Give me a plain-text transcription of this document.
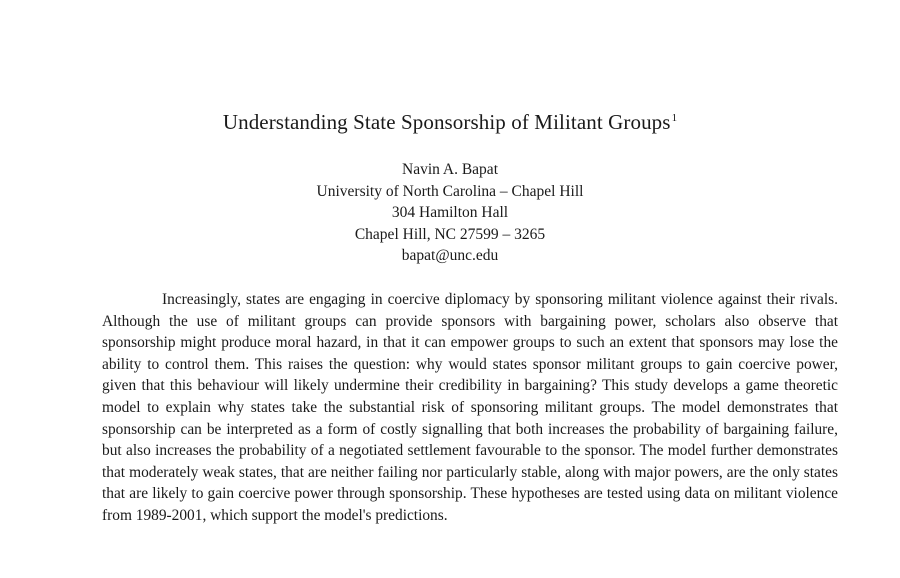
Understanding State Sponsorship of Militant Groups$^1$
Navin A. Bapat
University of North Carolina – Chapel Hill
304 Hamilton Hall
Chapel Hill, NC 27599 – 3265
bapat@unc.edu

Increasingly, states are engaging in coercive diplomacy by sponsoring militant violence against their rivals. Although the use of militant groups can provide sponsors with bargaining power, scholars also observe that sponsorship might produce moral hazard, in that it can empower groups to such an extent that sponsors may lose the ability to control them. This raises the question: why would states sponsor militant groups to gain coercive power, given that this behaviour will likely undermine their credibility in bargaining? This study develops a game theoretic model to explain why states take the substantial risk of sponsoring militant groups. The model demonstrates that sponsorship can be interpreted as a form of costly signalling that both increases the probability of bargaining failure, but also increases the probability of a negotiated settlement favourable to the sponsor. The model further demonstrates that moderately weak states, that are neither failing nor particularly stable, along with major powers, are the only states that are likely to gain coercive power through sponsorship. These hypotheses are tested using data on militant violence from 1989-2001, which support the model's predictions.
